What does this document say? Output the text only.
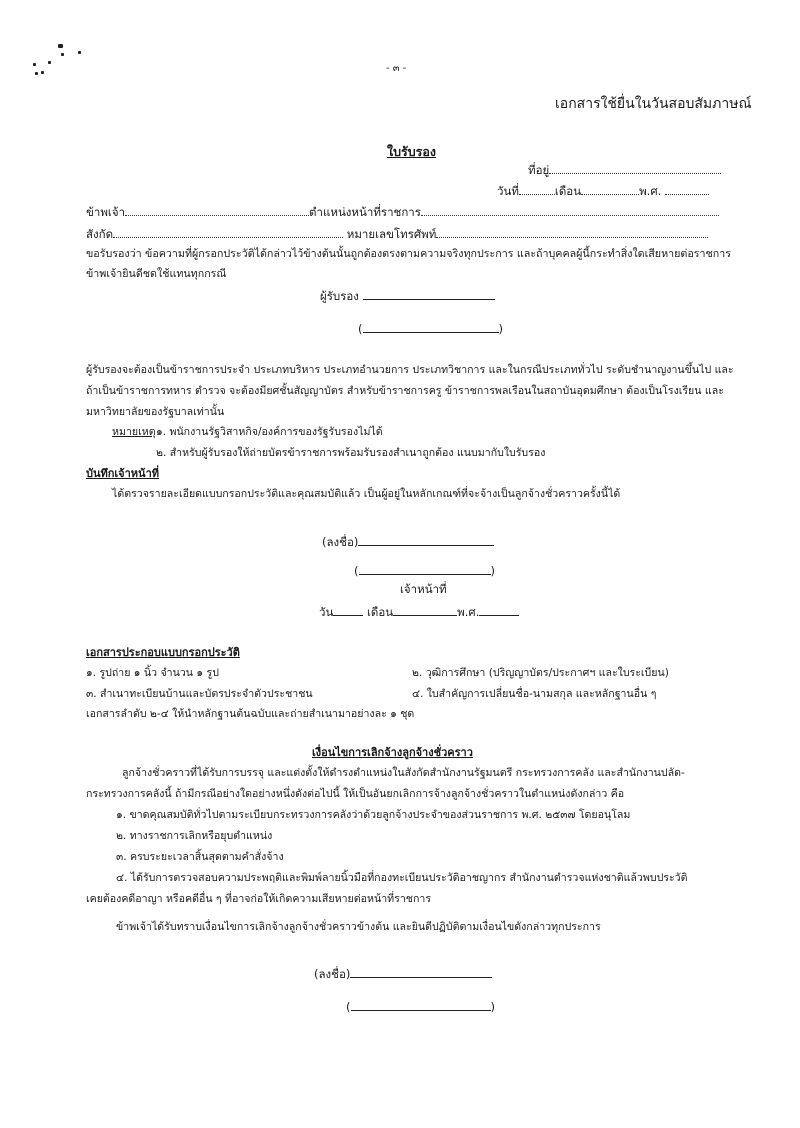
- ๓ -
เอกสารใช้ยื่นในวันสอบสัมภาษณ์
ใบรับรอง
ที่อยู่
วันที่	เดือน	พ.ศ.
ข้าพเจ้า	ตำแหน่งหน้าที่ราชการ
สังกัด	หมายเลขโทรศัพท์
ขอรับรองว่า ข้อความที่ผู้กรอกประวัติได้กล่าวไว้ข้างต้นนั้นถูกต้องตรงตามความจริงทุกประการ และถ้าบุคคลผู้นี้กระทำสิ่งใดเสียหายต่อราชการ
ข้าพเจ้ายินดีชดใช้แทนทุกกรณี
ผู้รับรอง
(	)
ผู้รับรองจะต้องเป็นข้าราชการประจำ ประเภทบริหาร ประเภทอำนวยการ ประเภทวิชาการ และในกรณีประเภททั่วไป ระดับชำนาญงานขึ้นไป และ
ถ้าเป็นข้าราชการทหาร ตำรวจ จะต้องมียศชั้นสัญญาบัตร สำหรับข้าราชการครู ข้าราชการพลเรือนในสถาบันอุดมศึกษา ต้องเป็นโรงเรียน และ
มหาวิทยาลัยของรัฐบาลเท่านั้น
หมายเหตุ ๑. พนักงานรัฐวิสาหกิจ/องค์การของรัฐรับรองไม่ได้
๒. สำหรับผู้รับรองให้ถ่ายบัตรข้าราชการพร้อมรับรองสำเนาถูกต้อง แนบมากับใบรับรอง
บันทึกเจ้าหน้าที่
ได้ตรวจรายละเอียดแบบกรอกประวัติและคุณสมบัติแล้ว เป็นผู้อยู่ในหลักเกณฑ์ที่จะจ้างเป็นลูกจ้างชั่วคราวครั้งนี้ได้
(ลงชื่อ)
(	)
เจ้าหน้าที่
วัน	เดือน	พ.ศ.
เอกสารประกอบแบบกรอกประวัติ
๑. รูปถ่าย ๑ นิ้ว จำนวน ๑ รูป	๒. วุฒิการศึกษา (ปริญญาบัตร/ประกาศฯ และใบระเบียน)
๓. สำเนาทะเบียนบ้านและบัตรประจำตัวประชาชน	๔. ใบสำคัญการเปลี่ยนชื่อ-นามสกุล และหลักฐานอื่น ๆ
เอกสารลำดับ ๒-๔ ให้นำหลักฐานต้นฉบับและถ่ายสำเนามาอย่างละ ๑ ชุด
เงื่อนไขการเลิกจ้างลูกจ้างชั่วคราว
ลูกจ้างชั่วคราวที่ได้รับการบรรจุ และแต่งตั้งให้ดำรงตำแหน่งในสังกัดสำนักงานรัฐมนตรี กระทรวงการคลัง และสำนักงานปลัด-
กระทรวงการคลังนี้ ถ้ามีกรณีอย่างใดอย่างหนึ่งดังต่อไปนี้ ให้เป็นอันยกเลิกการจ้างลูกจ้างชั่วคราวในตำแหน่งดังกล่าว คือ
๑. ขาดคุณสมบัติทั่วไปตามระเบียบกระทรวงการคลังว่าด้วยลูกจ้างประจำของส่วนราชการ พ.ศ. ๒๕๓๗ โดยอนุโลม
๒. ทางราชการเลิกหรือยุบตำแหน่ง
๓. ครบระยะเวลาสิ้นสุดตามคำสั่งจ้าง
๔. ได้รับการตรวจสอบความประพฤติและพิมพ์ลายนิ้วมือที่กองทะเบียนประวัติอาชญากร สำนักงานตำรวจแห่งชาติแล้วพบประวัติ
เคยต้องคดีอาญา หรือคดีอื่น ๆ ที่อาจก่อให้เกิดความเสียหายต่อหน้าที่ราชการ
ข้าพเจ้าได้รับทราบเงื่อนไขการเลิกจ้างลูกจ้างชั่วคราวข้างต้น และยินดีปฏิบัติตามเงื่อนไขดังกล่าวทุกประการ
(ลงชื่อ)
(	)
